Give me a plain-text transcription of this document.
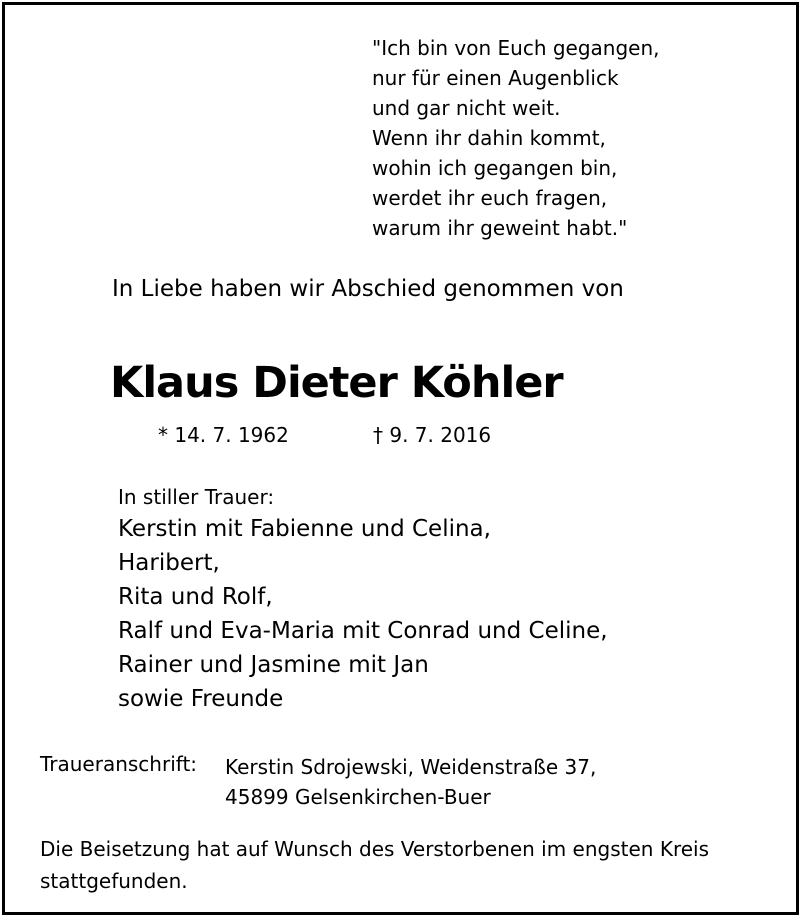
"Ich bin von Euch gegangen,
nur für einen Augenblick
und gar nicht weit.
Wenn ihr dahin kommt,
wohin ich gegangen bin,
werdet ihr euch fragen,
warum ihr geweint habt."
In Liebe haben wir Abschied genommen von
Klaus Dieter Köhler
* 14. 7. 1962	† 9. 7. 2016
In stiller Trauer:
Kerstin mit Fabienne und Celina,
Haribert,
Rita und Rolf,
Ralf und Eva-Maria mit Conrad und Celine,
Rainer und Jasmine mit Jan
sowie Freunde
Traueranschrift: Kerstin Sdrojewski, Weidenstraße 37,
45899 Gelsenkirchen-Buer
Die Beisetzung hat auf Wunsch des Verstorbenen im engsten Kreis stattgefunden.
